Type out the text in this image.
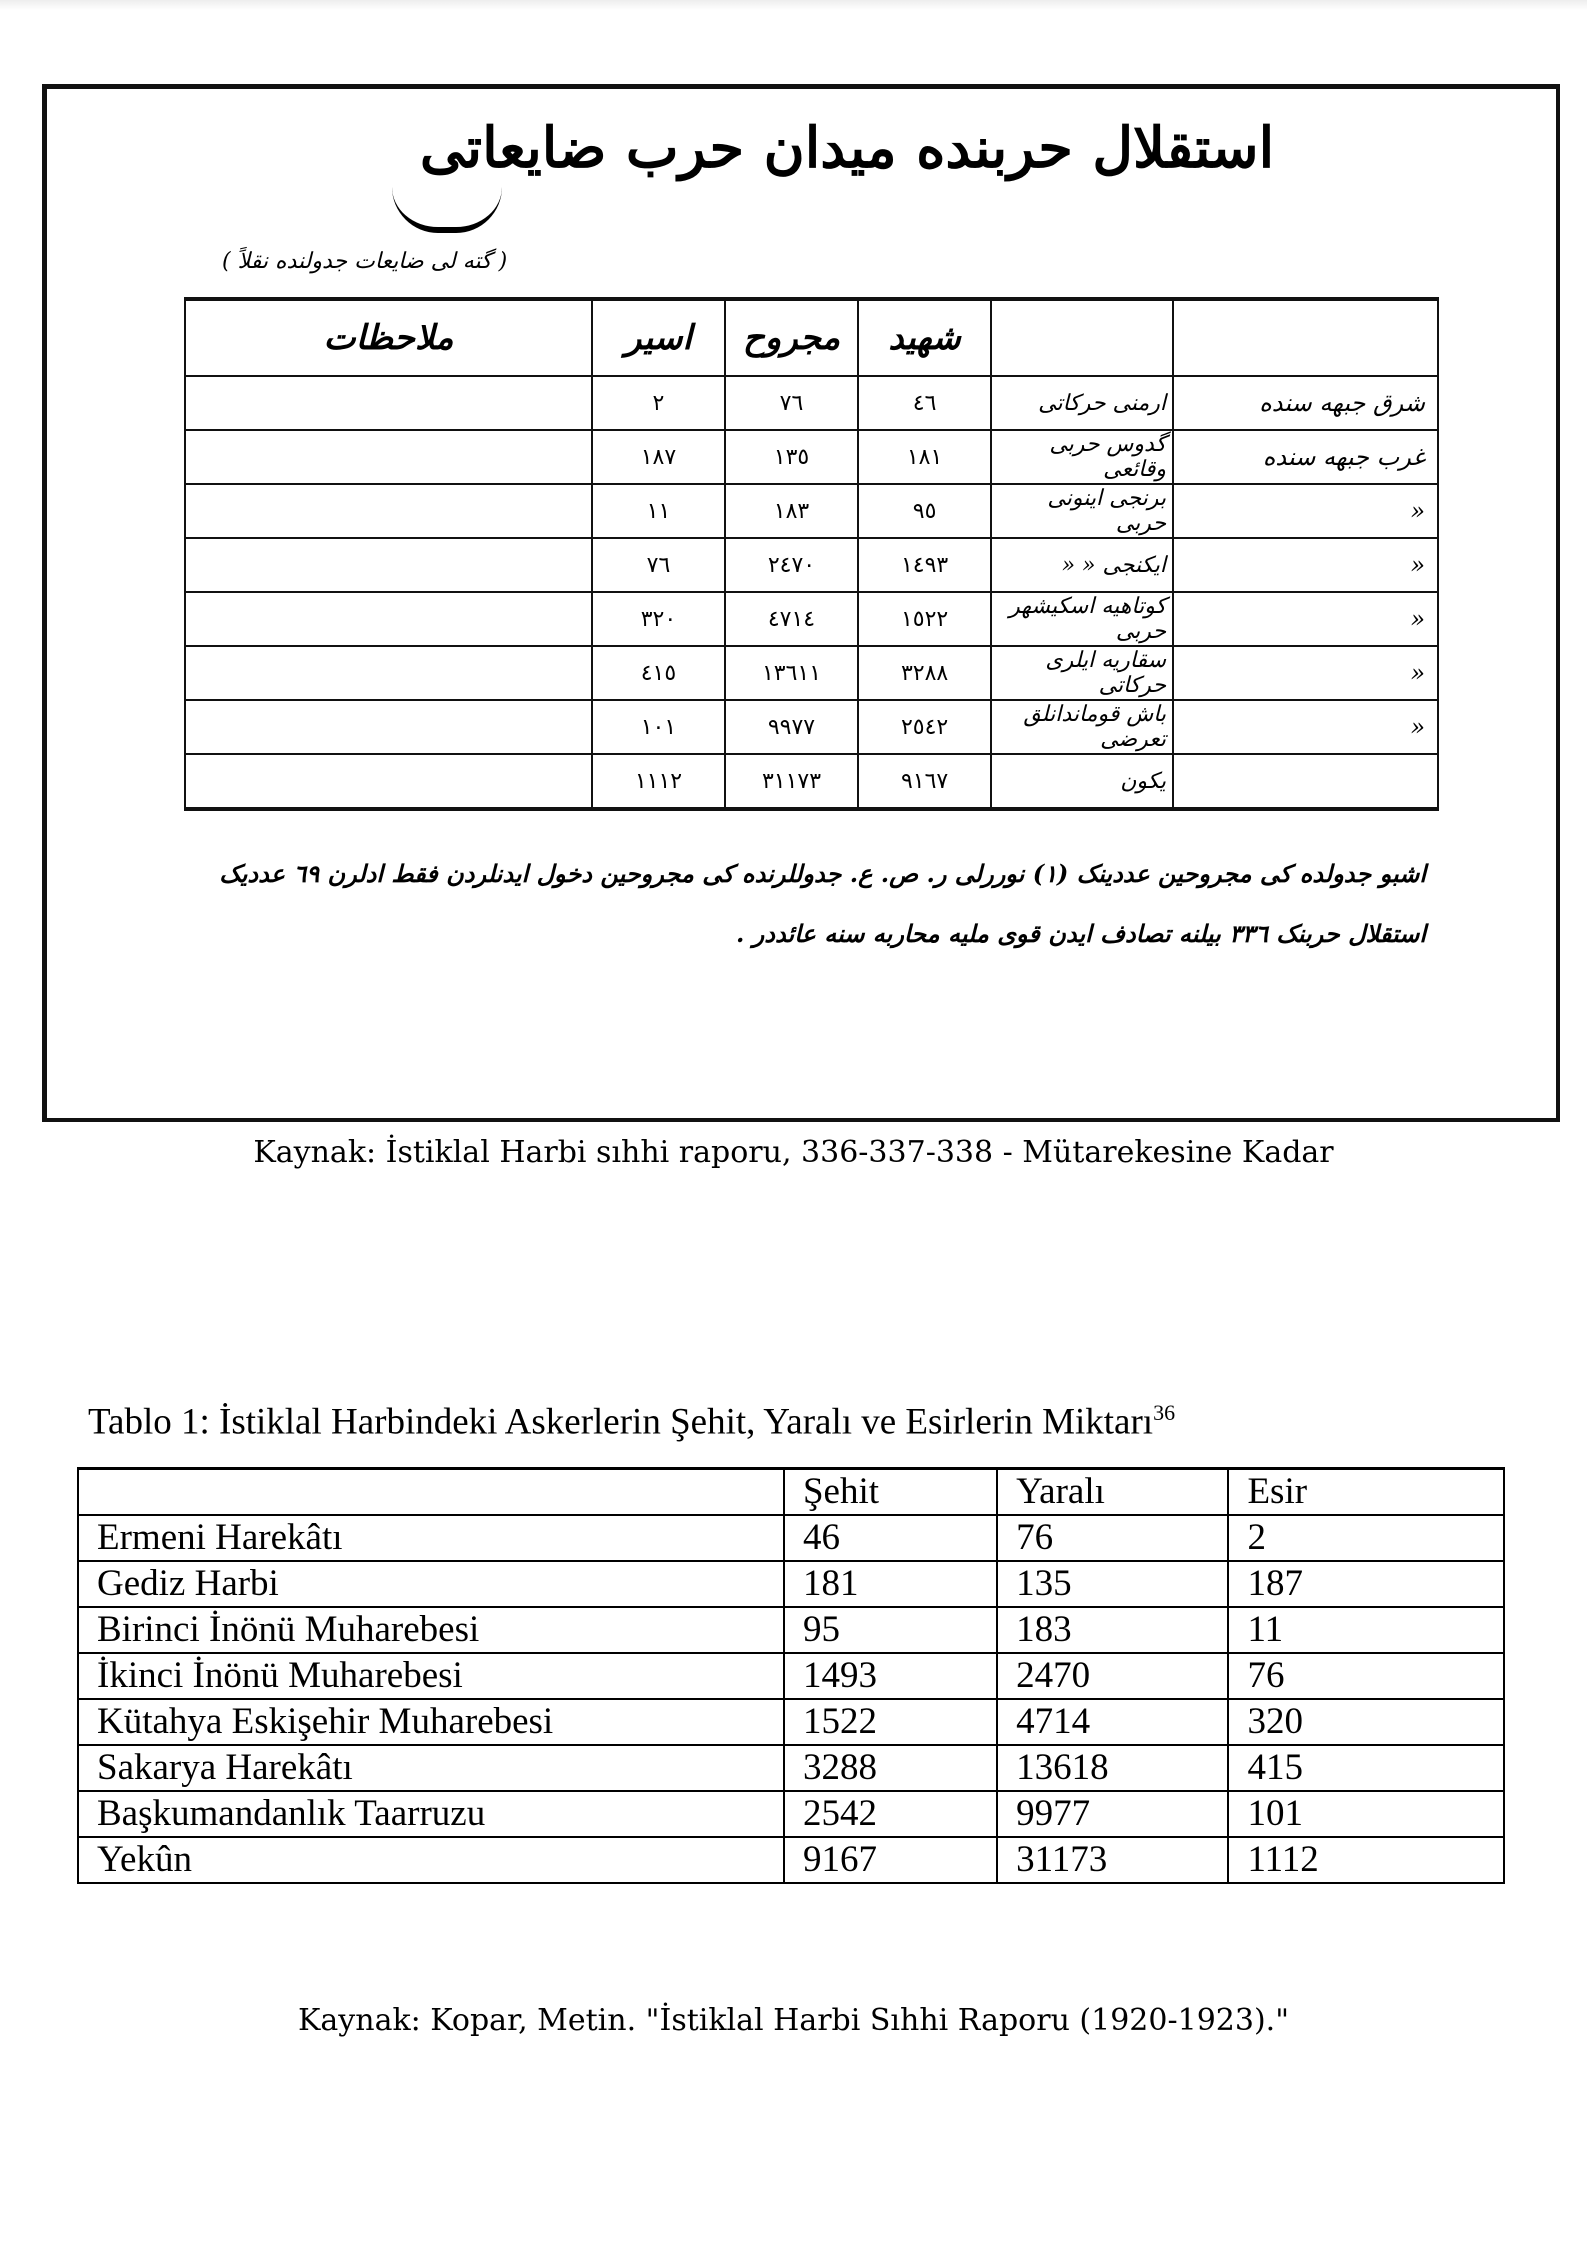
استقلال حربنده میدان حرب ضایعاتی
( گته لی ضایعات جدولنده نقلاً )
		شهید	مجروح	اسیر	ملاحظات
شرق جبهه سنده	ارمنی حرکاتی	٤٦	٧٦	٢	
غرب جبهه سنده	گدوس حربی وقائعی	١٨١	١٣٥	١٨٧	
«	برنجی اینونی حربی	٩٥	١٨٣	١١	
«	ایکنجی « «	١٤٩٣	٢٤٧٠	٧٦	
«	کوتاهیه اسکیشهر حربی	١٥٢٢	٤٧١٤	٣٢٠	
«	سقاریه ایلری حرکاتی	٣٢٨٨	١٣٦١١	٤١٥	
«	باش قوماندانلق تعرضی	٢٥٤٢	٩٩٧٧	١٠١	
	یکون	٩١٦٧	٣١١٧٣	١١١٢	
اشبو جدولده کی مجروحین عددینک (١) نوررلی ر. ص. ع. جدوللرنده کی مجروحین دخول ایدنلردن فقط ادلرن ٦٩ عددیک
استقلال حربنک ٣٣٦ بیلنه تصادف ایدن قوی ملیه محاربه سنه عائددر .
Kaynak: İstiklal Harbi sıhhi raporu, 336-337-338 - Mütarekesine Kadar
Tablo 1: İstiklal Harbindeki Askerlerin Şehit, Yaralı ve Esirlerin Miktarı$^{36}$
	Şehit	Yaralı	Esir
Ermeni Harekâtı	46	76	2
Gediz Harbi	181	135	187
Birinci İnönü Muharebesi	95	183	11
İkinci İnönü Muharebesi	1493	2470	76
Kütahya Eskişehir Muharebesi	1522	4714	320
Sakarya Harekâtı	3288	13618	415
Başkumandanlık Taarruzu	2542	9977	101
Yekûn	9167	31173	1112
Kaynak: Kopar, Metin. "İstiklal Harbi Sıhhi Raporu (1920-1923)."
